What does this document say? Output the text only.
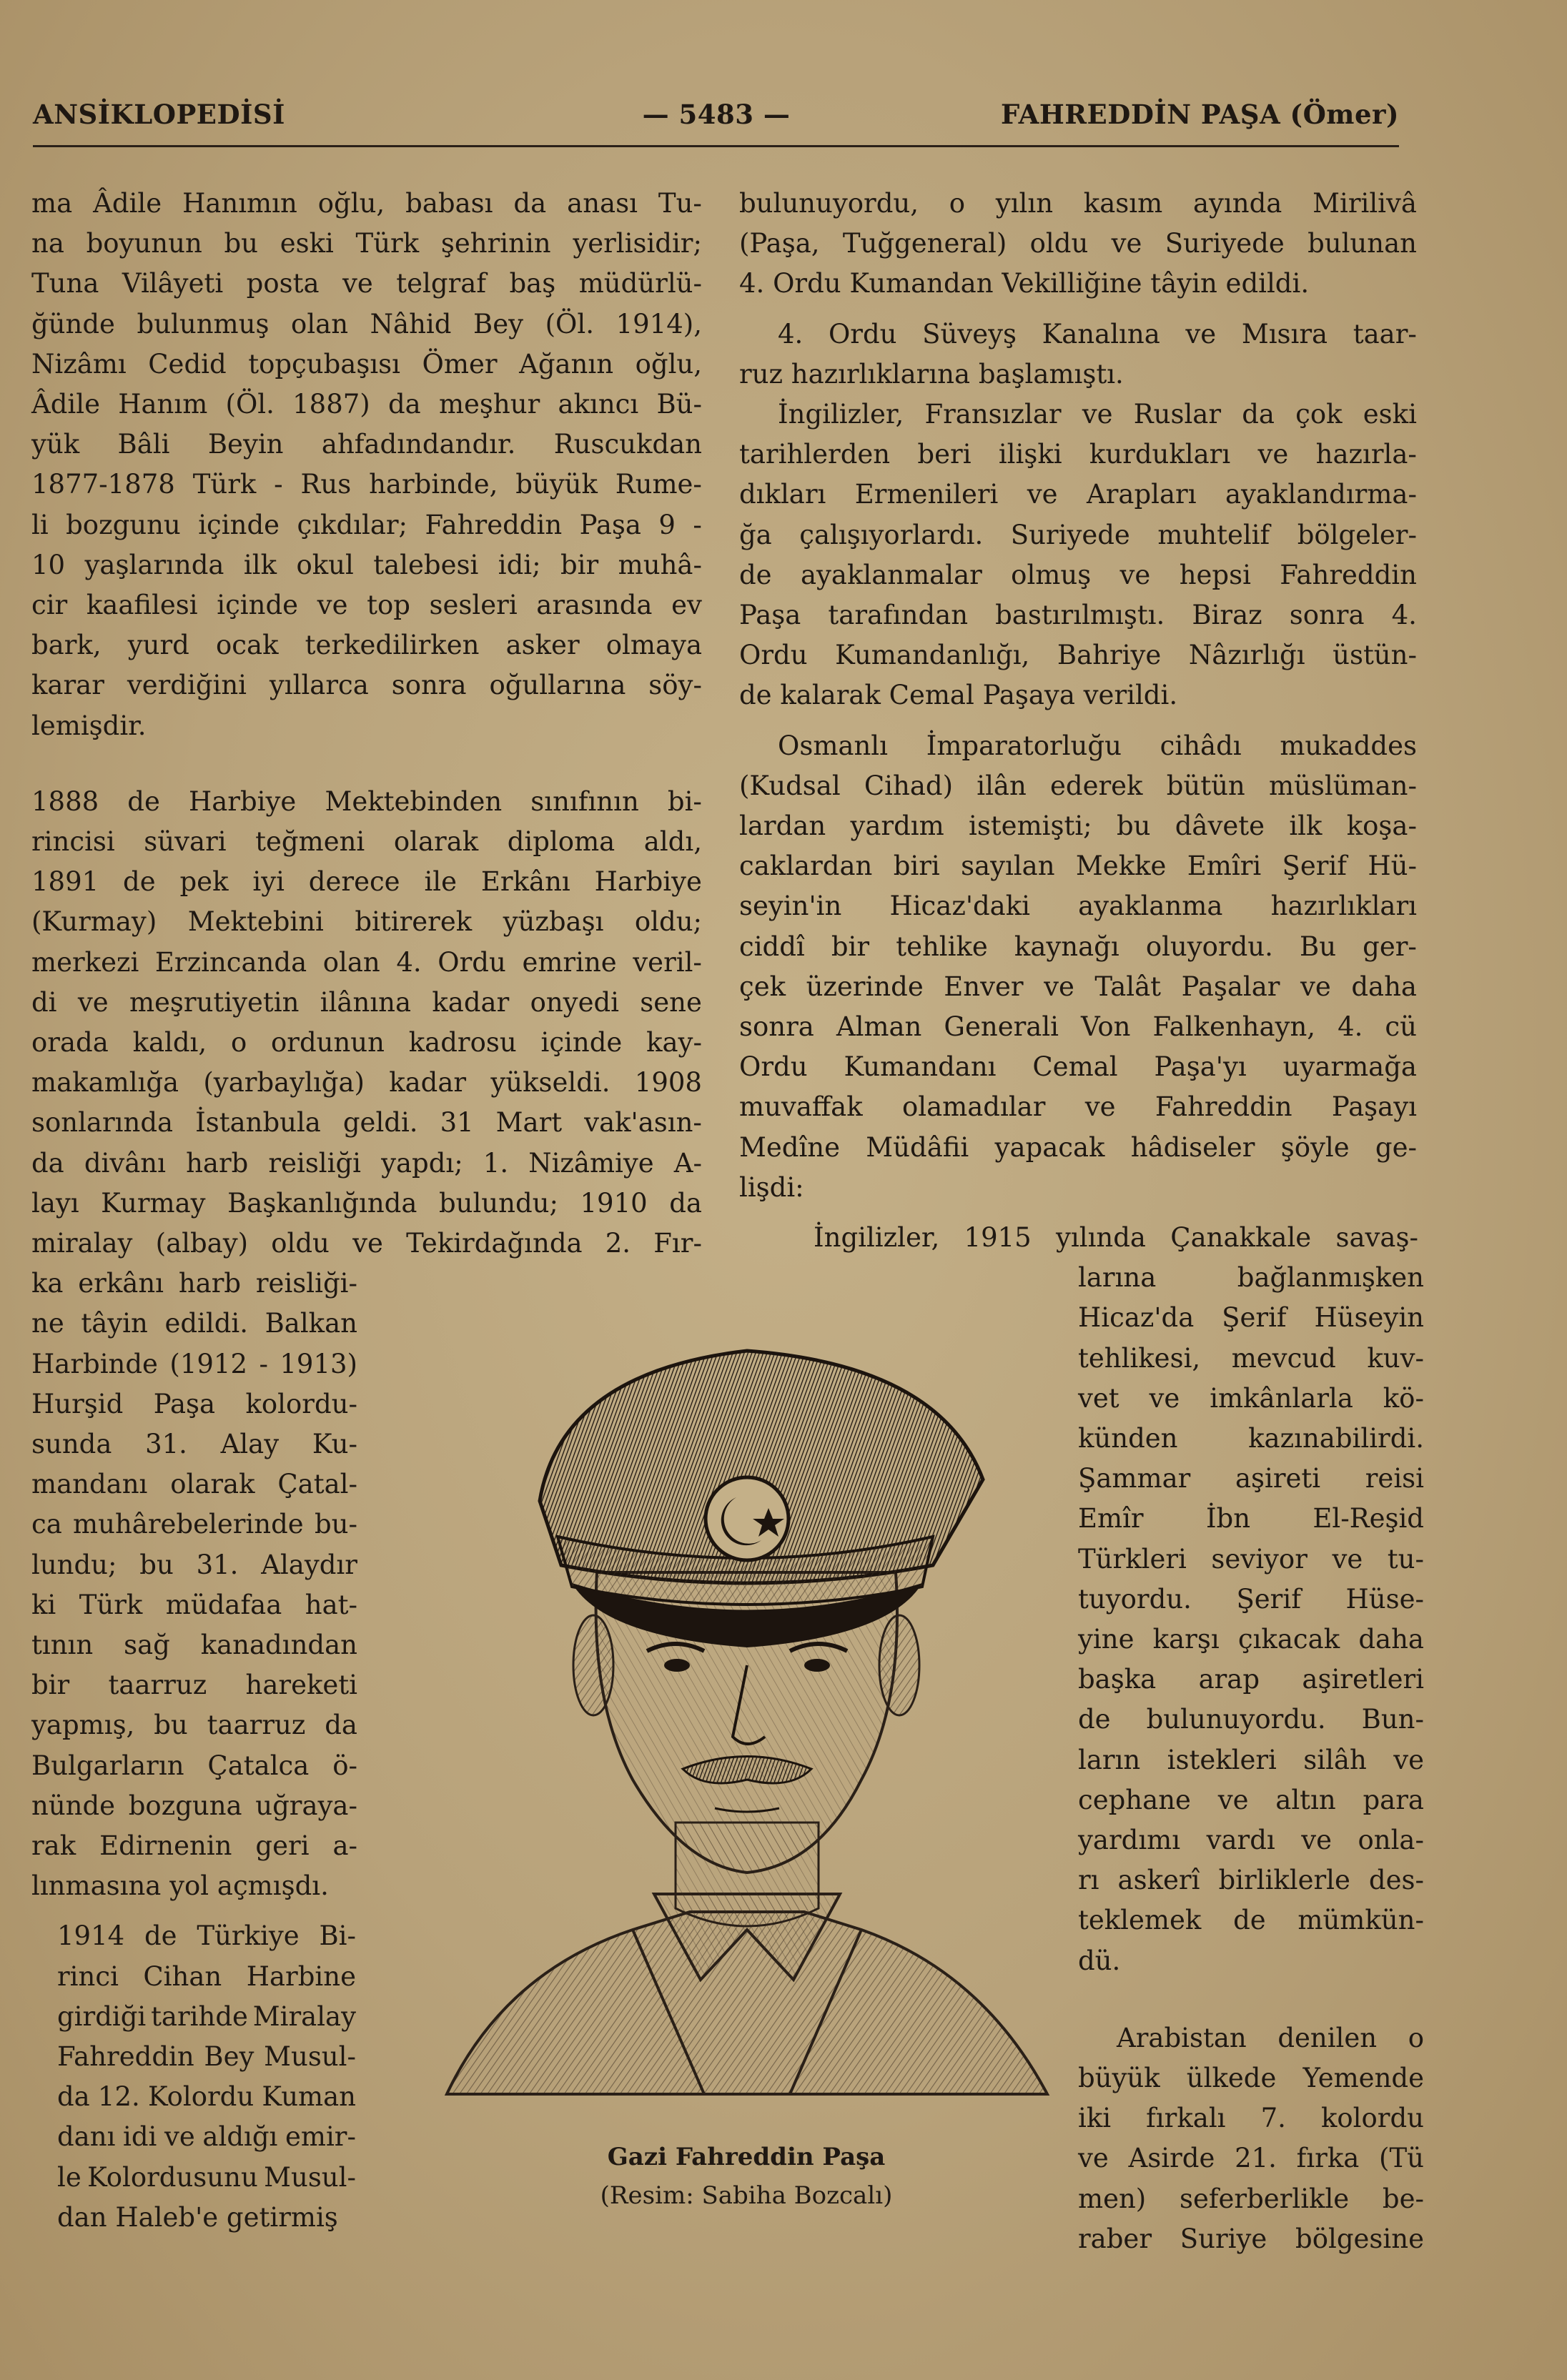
ANSİKLOPEDİSİ	— 5483 —	FAHREDDİN PAŞA (Ömer)
ma Âdile Hanımın oğlu, babası da anası Tu-
na boyunun bu eski Türk şehrinin yerlisidir;
Tuna Vilâyeti posta ve telgraf baş müdürlü-
ğünde bulunmuş olan Nâhid Bey (Öl. 1914),
Nizâmı Cedid topçubaşısı Ömer Ağanın oğlu,
Âdile Hanım (Öl. 1887) da meşhur akıncı Bü-
yük Bâli Beyin ahfadındandır. Ruscukdan
1877-1878 Türk - Rus harbinde, büyük Rume-
li bozgunu içinde çıkdılar; Fahreddin Paşa 9 -
10 yaşlarında ilk okul talebesi idi; bir muhâ-
cir kaafilesi içinde ve top sesleri arasında ev
bark, yurd ocak terkedilirken asker olmaya
karar verdiğini yıllarca sonra oğullarına söy-
lemişdir.
1888 de Harbiye Mektebinden sınıfının bi-
rincisi süvari teğmeni olarak diploma aldı,
1891 de pek iyi derece ile Erkânı Harbiye
(Kurmay) Mektebini bitirerek yüzbaşı oldu;
merkezi Erzincanda olan 4. Ordu emrine veril-
di ve meşrutiyetin ilânına kadar onyedi sene
orada kaldı, o ordunun kadrosu içinde kay-
makamlığa (yarbaylığa) kadar yükseldi. 1908
sonlarında İstanbula geldi. 31 Mart vak'asın-
da divânı harb reisliği yapdı; 1. Nizâmiye A-
layı Kurmay Başkanlığında bulundu; 1910 da
miralay (albay) oldu ve Tekirdağında 2. Fır-
ka erkânı harb reisliği-
ne tâyin edildi. Balkan
Harbinde (1912 - 1913)
Hurşid Paşa kolordu-
sunda 31. Alay Ku-
mandanı olarak Çatal-
ca muhârebelerinde bu-
lundu; bu 31. Alaydır
ki Türk müdafaa hat-
tının sağ kanadından
bir taarruz hareketi
yapmış, bu taarruz da
Bulgarların Çatalca ö-
nünde bozguna uğraya-
rak Edirnenin geri a-
lınmasına yol açmışdı.
1914 de Türkiye Bi-
rinci Cihan Harbine
girdiği tarihde Miralay
Fahreddin Bey Musul-
da 12. Kolordu Kuman
danı idi ve aldığı emir-
le Kolordusunu Musul-
dan Haleb'e getirmiş
bulunuyordu, o yılın kasım ayında Mirilivâ
(Paşa, Tuğgeneral) oldu ve Suriyede bulunan
4. Ordu Kumandan Vekilliğine tâyin edildi.
4. Ordu Süveyş Kanalına ve Mısıra taar-
ruz hazırlıklarına başlamıştı.
İngilizler, Fransızlar ve Ruslar da çok eski
tarihlerden beri ilişki kurdukları ve hazırla-
dıkları Ermenileri ve Arapları ayaklandırma-
ğa çalışıyorlardı. Suriyede muhtelif bölgeler-
de ayaklanmalar olmuş ve hepsi Fahreddin
Paşa tarafından bastırılmıştı. Biraz sonra 4.
Ordu Kumandanlığı, Bahriye Nâzırlığı üstün-
de kalarak Cemal Paşaya verildi.
Osmanlı İmparatorluğu cihâdı mukaddes
(Kudsal Cihad) ilân ederek bütün müslüman-
lardan yardım istemişti; bu dâvete ilk koşa-
caklardan biri sayılan Mekke Emîri Şerif Hü-
seyin'in Hicaz'daki ayaklanma hazırlıkları
ciddî bir tehlike kaynağı oluyordu. Bu ger-
çek üzerinde Enver ve Talât Paşalar ve daha
sonra Alman Generali Von Falkenhayn, 4. cü
Ordu Kumandanı Cemal Paşa'yı uyarmağa
muvaffak olamadılar ve Fahreddin Paşayı
Medîne Müdâfii yapacak hâdiseler şöyle ge-
lişdi:
İngilizler, 1915 yılında Çanakkale savaş-
larına	bağlanmışken
Hicaz'da Şerif Hüseyin
tehlikesi, mevcud kuv-
vet ve imkânlarla kö-
künden	kazınabilirdi.
Şammar aşireti reisi
Emîr İbn El-Reşid
Türkleri seviyor ve tu-
tuyordu. Şerif Hüse-
yine karşı çıkacak daha
başka arap aşiretleri
de bulunuyordu. Bun-
ların istekleri silâh ve
cephane ve altın para
yardımı vardı ve onla-
rı askerî birliklerle des-
teklemek de mümkün-
dü.
Arabistan denilen o
büyük ülkede Yemende
iki fırkalı 7. kolordu
ve Asirde 21. fırka (Tü
men) seferberlikle be-
raber Suriye bölgesine
Gazi Fahreddin Paşa
(Resim: Sabiha Bozcalı)
